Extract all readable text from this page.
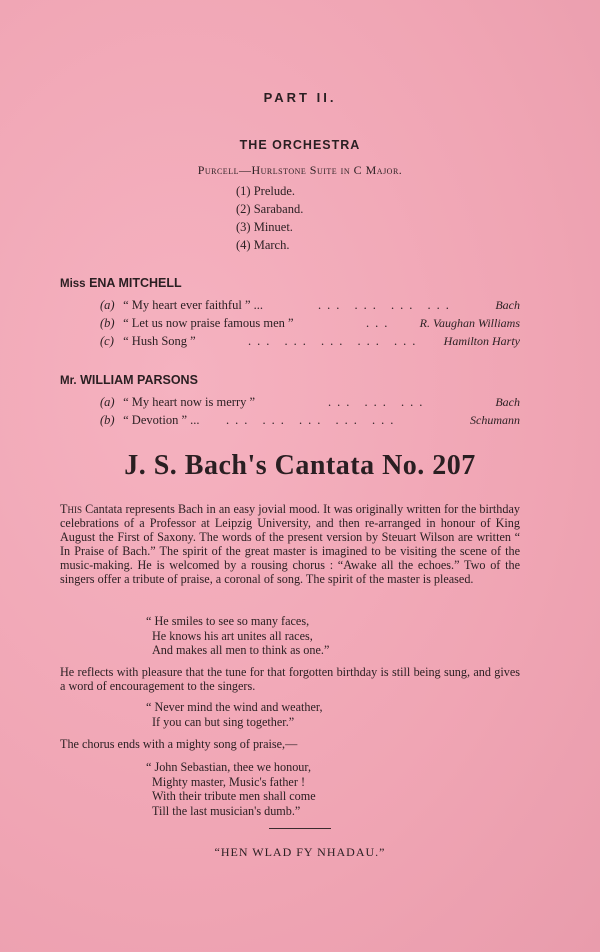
PART II.
THE ORCHESTRA
Purcell—Hurlstone Suite in C Major.
(1) Prelude.
(2) Saraband.
(3) Minuet.
(4) March.
Miss ENA MITCHELL
(a) “ My heart ever faithful ” ...	... ... ... ...	Bach
(b) “ Let us now praise famous men ”	... R. Vaughan Williams
(c) “ Hush Song ”	... ... ... ... ... Hamilton Harty
Mr. WILLIAM PARSONS
(a) “ My heart now is merry ”	... ... ...	Bach
(b) “ Devotion ” ... ... ... ... ... ...	Schumann
J. S. Bach's Cantata No. 207

This Cantata represents Bach in an easy jovial mood. It was originally written for the birthday celebrations of a Professor at Leipzig University, and then re-arranged in honour of King August the First of Saxony. The words of the present version by Steuart Wilson are written “ In Praise of Bach.” The spirit of the great master is imagined to be visiting the scene of the music-making. He is welcomed by a rousing chorus : “Awake all the echoes.” Two of the singers offer a tribute of praise, a coronal of song. The spirit of the master is pleased.

“ He smiles to see so many faces,
He knows his art unites all races,
And makes all men to think as one.”

He reflects with pleasure that the tune for that forgotten birthday is still being sung, and gives a word of encouragement to the singers.

“ Never mind the wind and weather,
If you can but sing together.”

The chorus ends with a mighty song of praise,—

“ John Sebastian, thee we honour,
Mighty master, Music's father !
With their tribute men shall come
Till the last musician's dumb.”
“HEN WLAD FY NHADAU.”
